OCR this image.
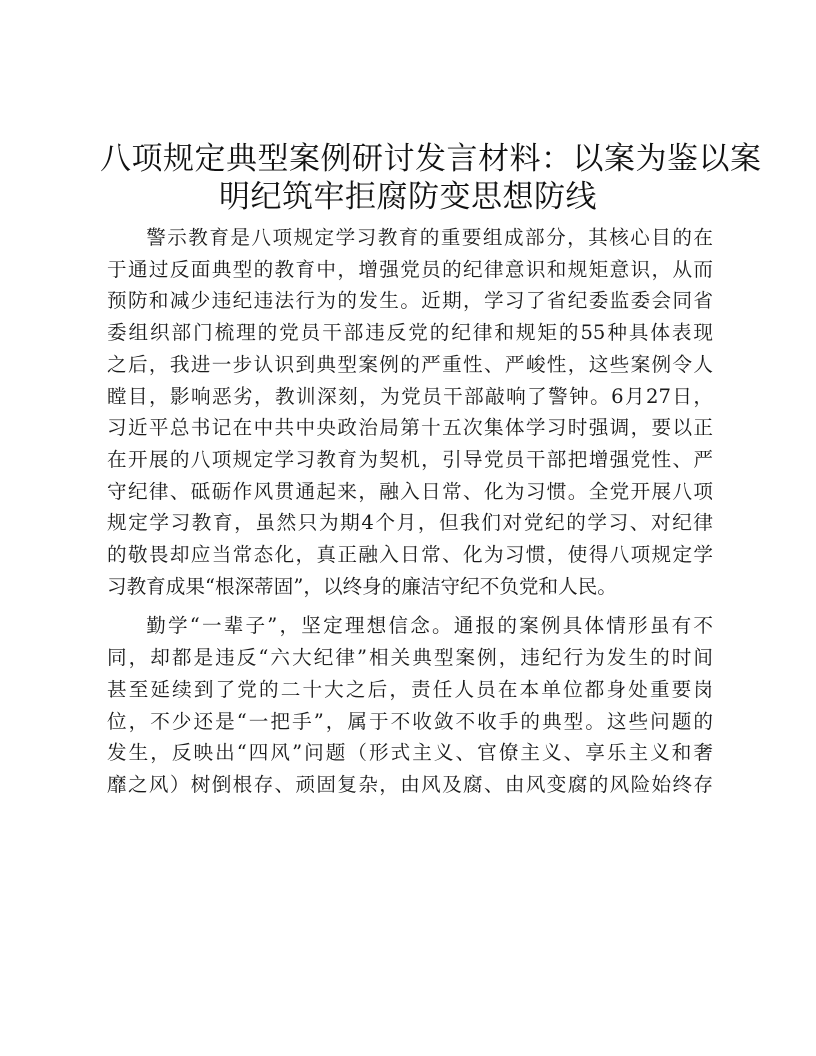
八项规定典型案例研讨发言材料：以案为鉴以案
明纪筑牢拒腐防变思想防线
警示教育是八项规定学习教育的重要组成部分，其核心目的在
于通过反面典型的教育中，增强党员的纪律意识和规矩意识，从而
预防和减少违纪违法行为的发生。近期，学习了省纪委监委会同省
委组织部门梳理的党员干部违反党的纪律和规矩的55种具体表现
之后，我进一步认识到典型案例的严重性、严峻性，这些案例令人
瞠目，影响恶劣，教训深刻，为党员干部敲响了警钟。6月27日，
习近平总书记在中共中央政治局第十五次集体学习时强调，要以正
在开展的八项规定学习教育为契机，引导党员干部把增强党性、严
守纪律、砥砺作风贯通起来，融入日常、化为习惯。全党开展八项
规定学习教育，虽然只为期4个月，但我们对党纪的学习、对纪律
的敬畏却应当常态化，真正融入日常、化为习惯，使得八项规定学
习教育成果“根深蒂固”，以终身的廉洁守纪不负党和人民。
勤学“一辈子”，坚定理想信念。通报的案例具体情形虽有不
同，却都是违反“六大纪律”相关典型案例，违纪行为发生的时间
甚至延续到了党的二十大之后，责任人员在本单位都身处重要岗
位，不少还是“一把手”，属于不收敛不收手的典型。这些问题的
发生，反映出“四风”问题（形式主义、官僚主义、享乐主义和奢
靡之风）树倒根存、顽固复杂，由风及腐、由风变腐的风险始终存
